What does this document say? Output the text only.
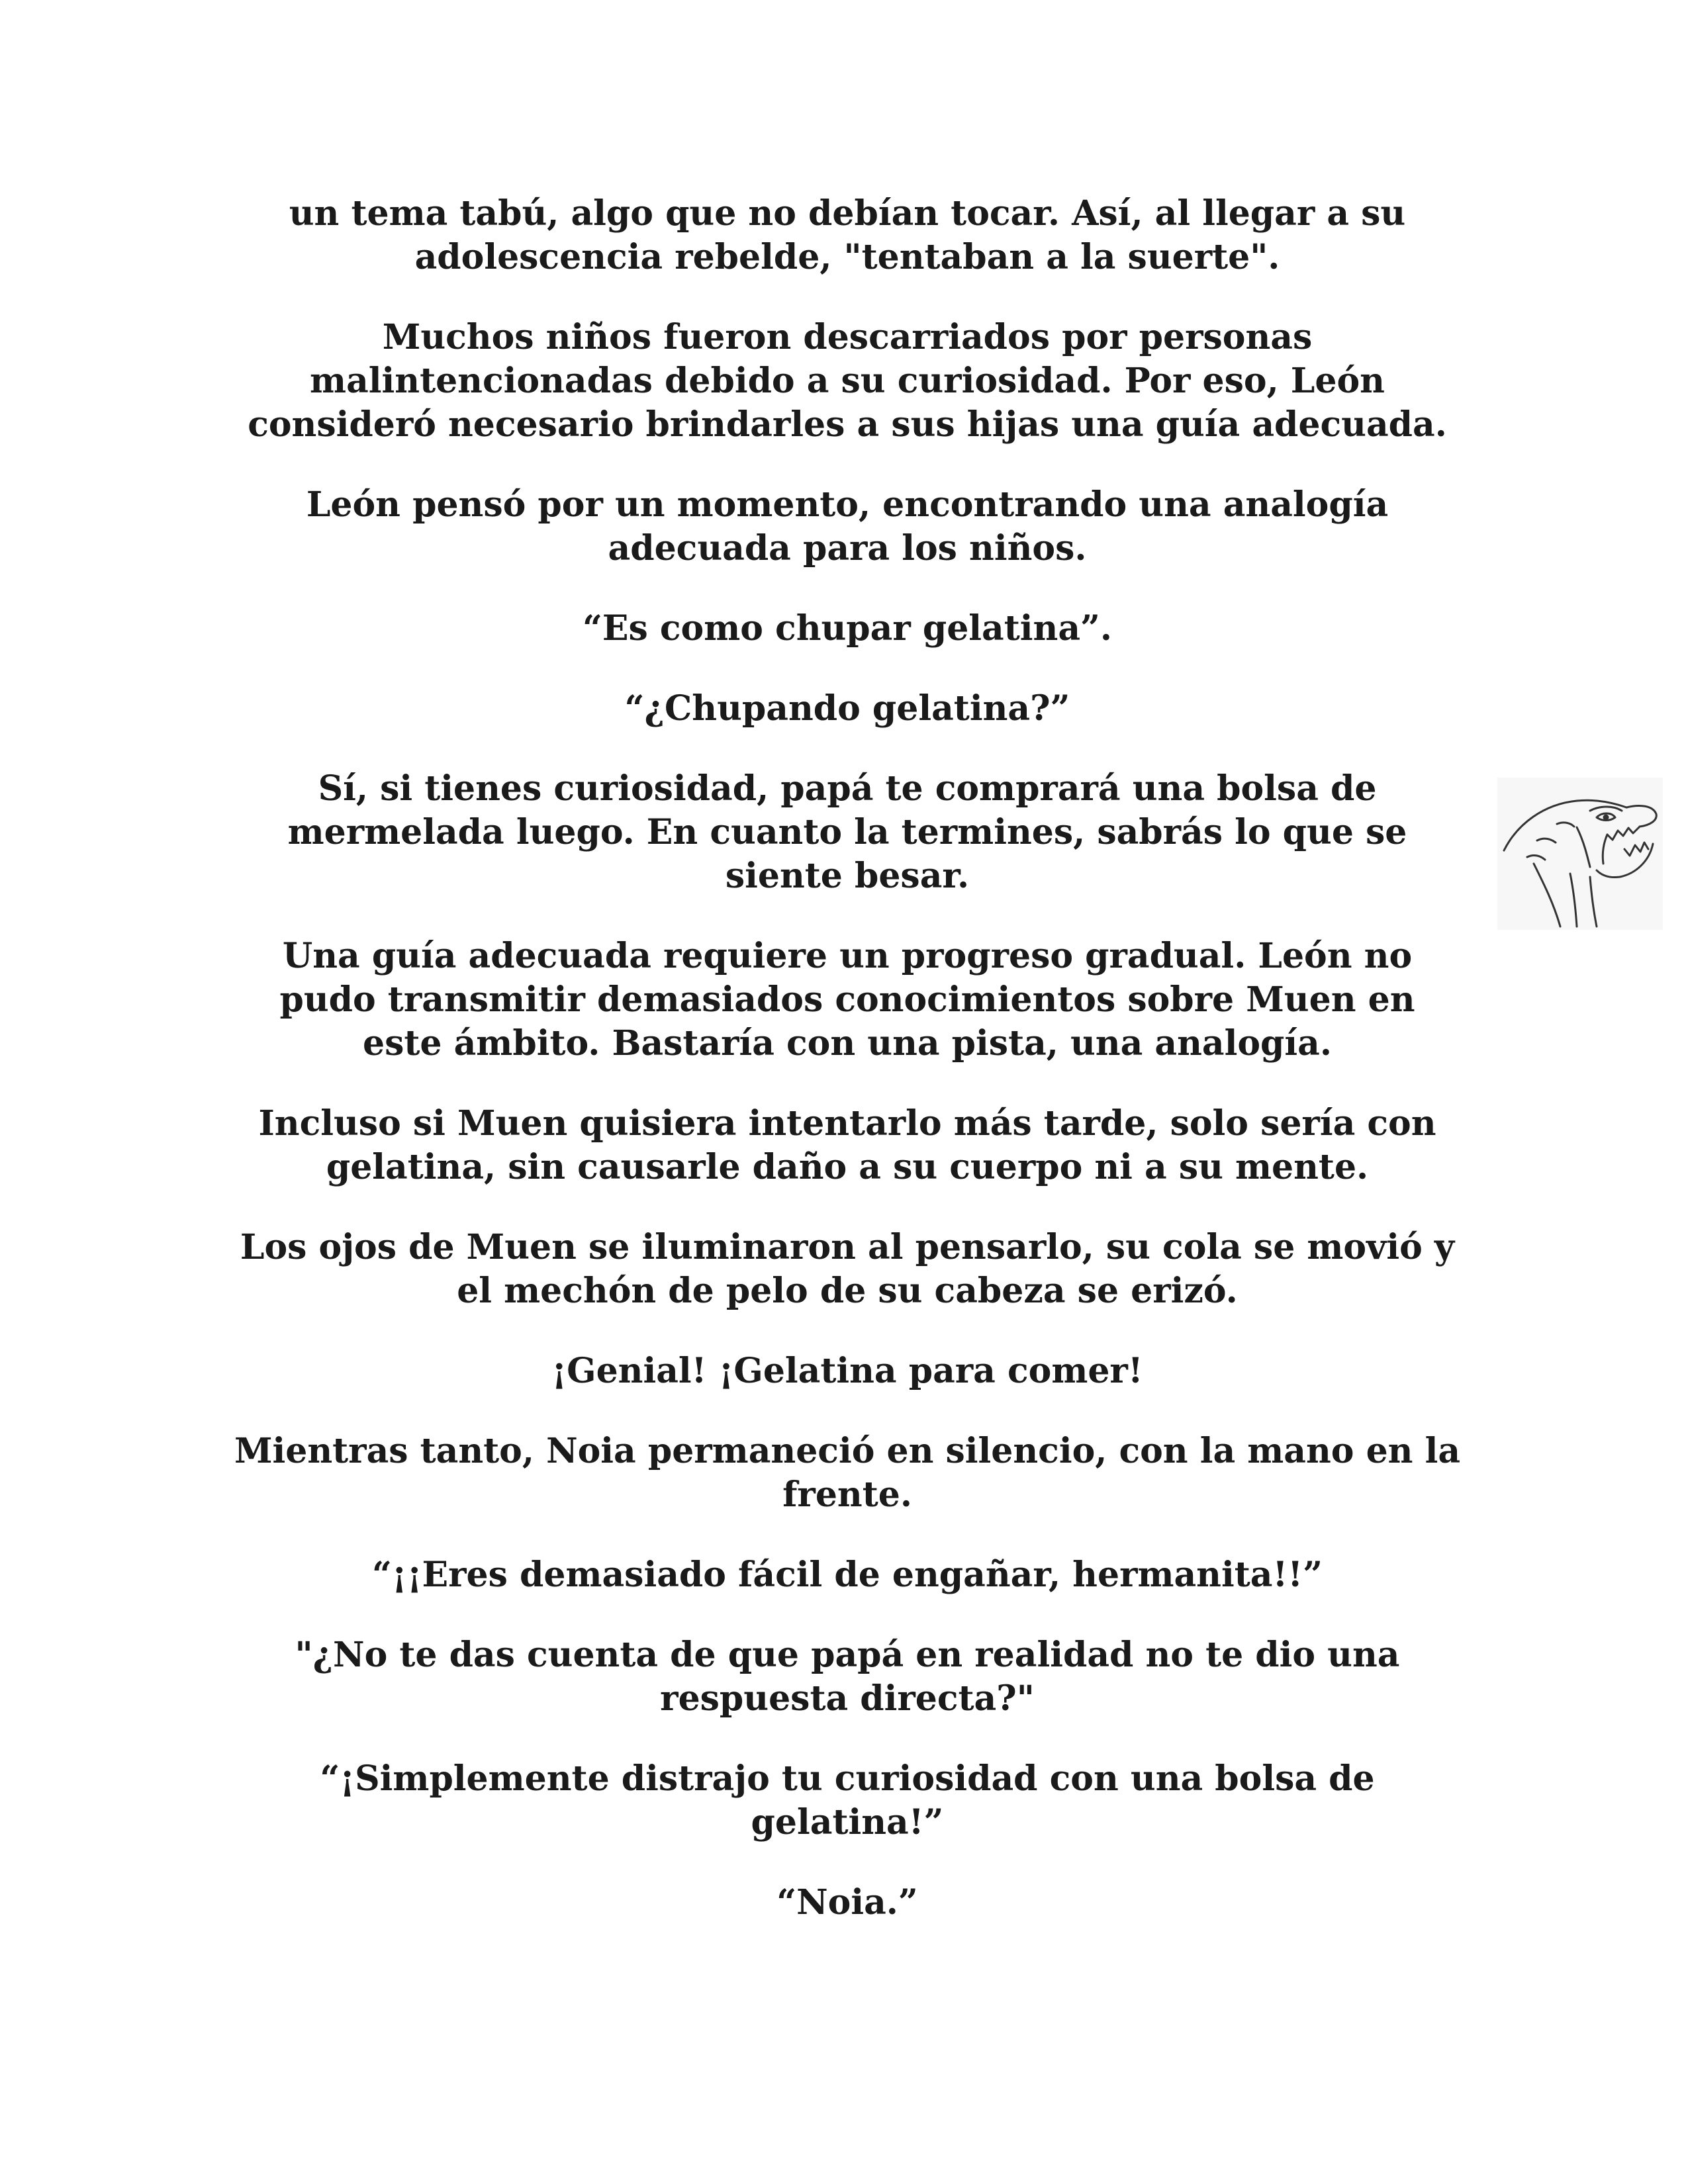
un tema tabú, algo que no debían tocar. Así, al llegar a su
adolescencia rebelde, "tentaban a la suerte".
Muchos niños fueron descarriados por personas
malintencionadas debido a su curiosidad. Por eso, León
consideró necesario brindarles a sus hijas una guía adecuada.
León pensó por un momento, encontrando una analogía
adecuada para los niños.
“Es como chupar gelatina”.
“¿Chupando gelatina?”
Sí, si tienes curiosidad, papá te comprará una bolsa de
mermelada luego. En cuanto la termines, sabrás lo que se
siente besar.
Una guía adecuada requiere un progreso gradual. León no
pudo transmitir demasiados conocimientos sobre Muen en
este ámbito. Bastaría con una pista, una analogía.
Incluso si Muen quisiera intentarlo más tarde, solo sería con
gelatina, sin causarle daño a su cuerpo ni a su mente.
Los ojos de Muen se iluminaron al pensarlo, su cola se movió y
el mechón de pelo de su cabeza se erizó.
¡Genial! ¡Gelatina para comer!
Mientras tanto, Noia permaneció en silencio, con la mano en la
frente.
“¡¡Eres demasiado fácil de engañar, hermanita!!”
"¿No te das cuenta de que papá en realidad no te dio una
respuesta directa?"
“¡Simplemente distrajo tu curiosidad con una bolsa de
gelatina!”
“Noia.”
